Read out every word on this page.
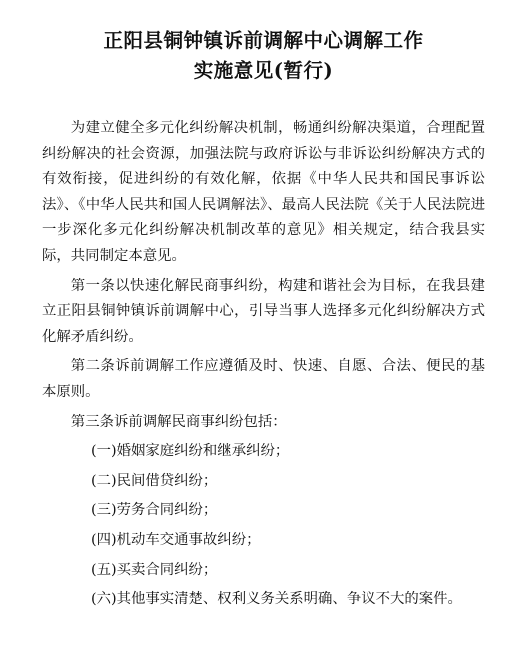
正阳县铜钟镇诉前调解中心调解工作
实施意见(暂行)

为建立健全多元化纠纷解决机制，畅通纠纷解决渠道，合理配置纠纷解决的社会资源，加强法院与政府诉讼与非诉讼纠纷解决方式的有效衔接，促进纠纷的有效化解，依据《中华人民共和国民事诉讼法》、《中华人民共和国人民调解法》、最高人民法院《关于人民法院进一步深化多元化纠纷解决机制改革的意见》相关规定，结合我县实际，共同制定本意见。

第一条以快速化解民商事纠纷，构建和谐社会为目标，在我县建立正阳县铜钟镇诉前调解中心，引导当事人选择多元化纠纷解决方式化解矛盾纠纷。

第二条诉前调解工作应遵循及时、快速、自愿、合法、便民的基本原则。

第三条诉前调解民商事纠纷包括：

(一)婚姻家庭纠纷和继承纠纷；

(二)民间借贷纠纷；

(三)劳务合同纠纷；

(四)机动车交通事故纠纷；

(五)买卖合同纠纷；

(六)其他事实清楚、权利义务关系明确、争议不大的案件。
